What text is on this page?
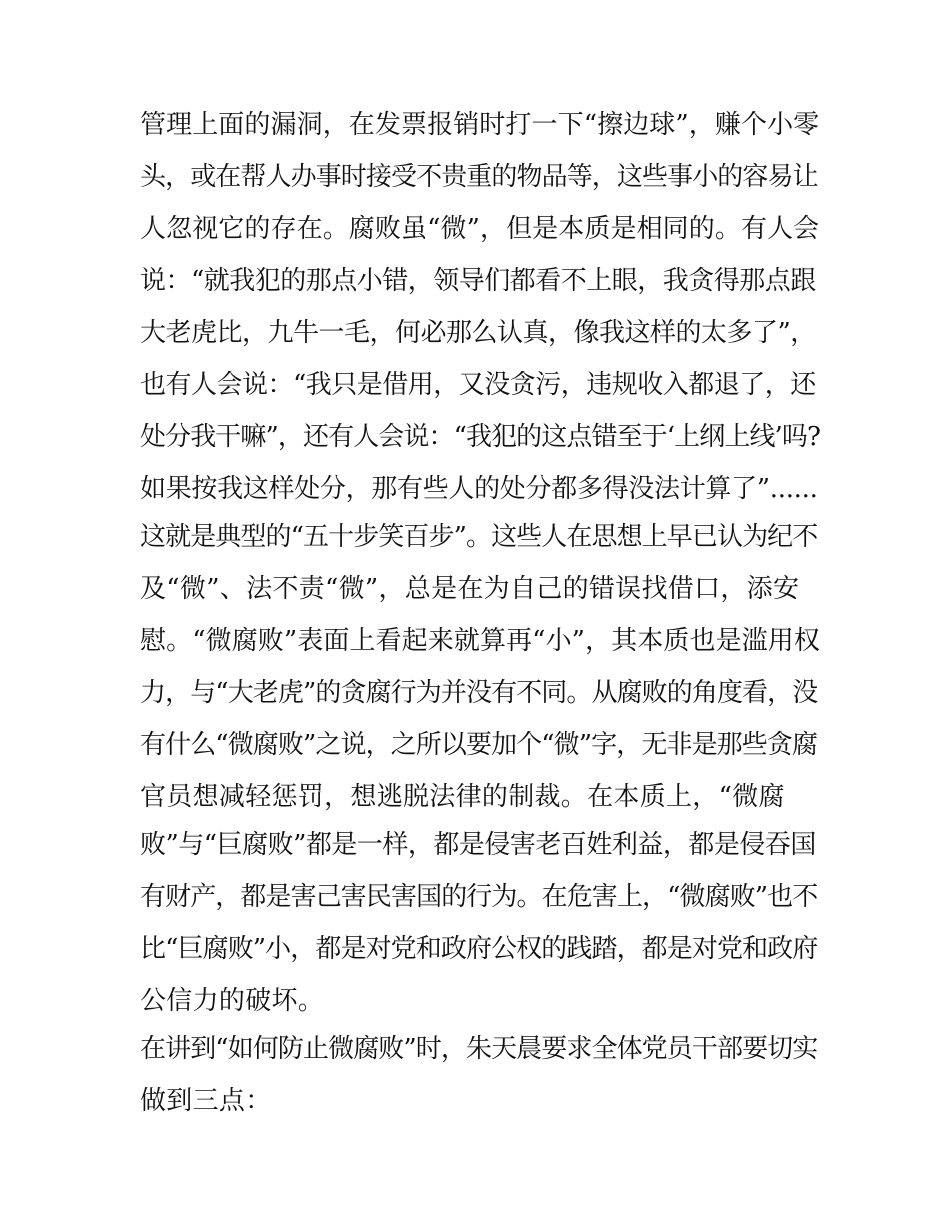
管理上面的漏洞，在发票报销时打一下“擦边球”，赚个小零
头，或在帮人办事时接受不贵重的物品等，这些事小的容易让
人忽视它的存在。腐败虽“微”，但是本质是相同的。有人会
说：“就我犯的那点小错，领导们都看不上眼，我贪得那点跟
大老虎比，九牛一毛，何必那么认真，像我这样的太多了”，
也有人会说：“我只是借用，又没贪污，违规收入都退了，还
处分我干嘛”，还有人会说：“我犯的这点错至于‘上纲上线’吗?
如果按我这样处分，那有些人的处分都多得没法计算了”......
这就是典型的“五十步笑百步”。这些人在思想上早已认为纪不
及“微”、法不责“微”，总是在为自己的错误找借口，添安
慰。“微腐败”表面上看起来就算再“小”，其本质也是滥用权
力，与“大老虎”的贪腐行为并没有不同。从腐败的角度看，没
有什么“微腐败”之说，之所以要加个“微”字，无非是那些贪腐
官员想减轻惩罚，想逃脱法律的制裁。在本质上，“微腐
败”与“巨腐败”都是一样，都是侵害老百姓利益，都是侵吞国
有财产，都是害己害民害国的行为。在危害上，“微腐败”也不
比“巨腐败”小，都是对党和政府公权的践踏，都是对党和政府
公信力的破坏。
在讲到“如何防止微腐败”时，朱天晨要求全体党员干部要切实
做到三点：
